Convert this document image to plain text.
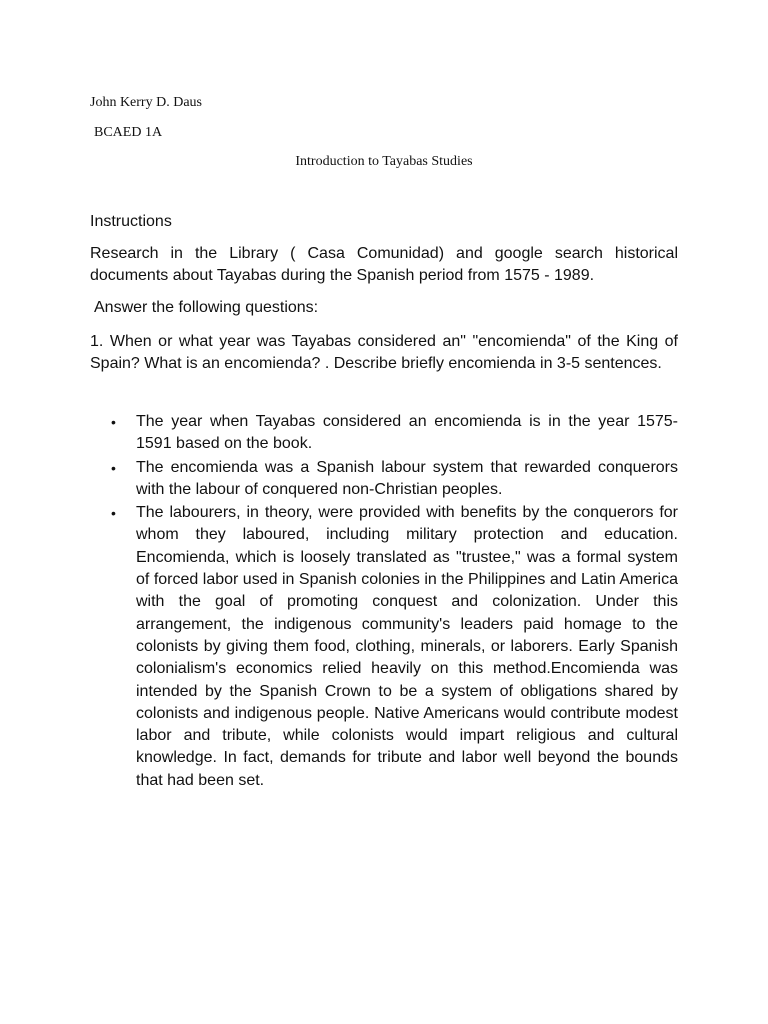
John Kerry D. Daus

BCAED 1A

Introduction to Tayabas Studies

Instructions

Research in the Library ( Casa Comunidad) and google search historical documents about Tayabas during the Spanish period from 1575 - 1989.

Answer the following questions:

1. When or what year was Tayabas considered an" "encomienda" of the King of Spain? What is an encomienda? . Describe briefly encomienda in 3-5 sentences.

• The year when Tayabas considered an encomienda is in the year 1575-1591 based on the book.
• The encomienda was a Spanish labour system that rewarded conquerors with the labour of conquered non-Christian peoples.
• The labourers, in theory, were provided with benefits by the conquerors for whom they laboured, including military protection and education. Encomienda, which is loosely translated as "trustee," was a formal system of forced labor used in Spanish colonies in the Philippines and Latin America with the goal of promoting conquest and colonization. Under this arrangement, the indigenous community's leaders paid homage to the colonists by giving them food, clothing, minerals, or laborers. Early Spanish colonialism's economics relied heavily on this method.Encomienda was intended by the Spanish Crown to be a system of obligations shared by colonists and indigenous people. Native Americans would contribute modest labor and tribute, while colonists would impart religious and cultural knowledge. In fact, demands for tribute and labor well beyond the bounds that had been set.
